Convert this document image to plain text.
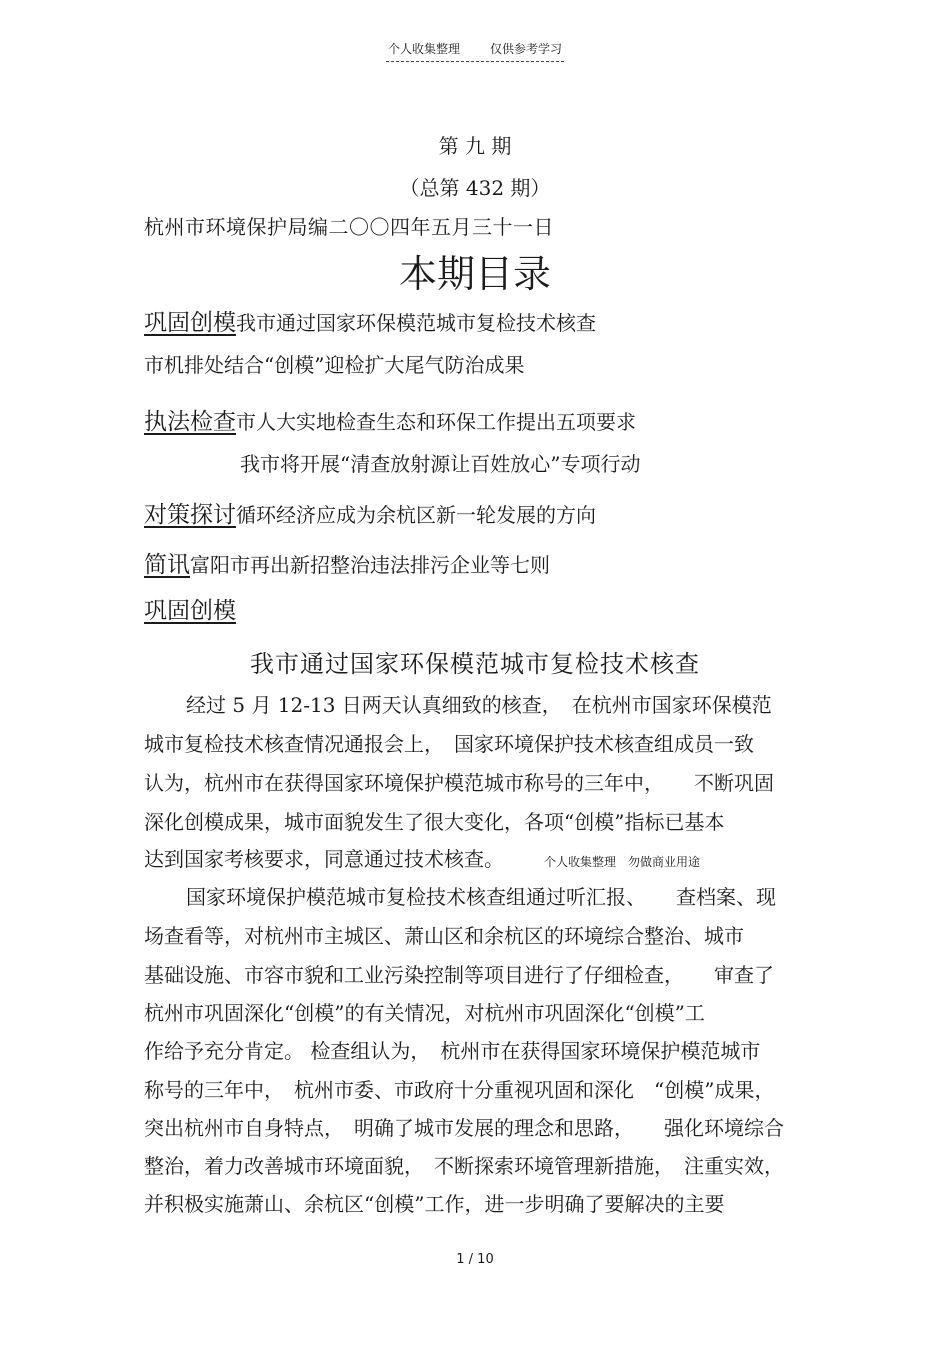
个人收集整理	仅供参考学习
第 九 期
（总第 432 期）
杭州市环境保护局编二〇〇四年五月三十一日
本期目录
巩固创模我市通过国家环保模范城市复检技术核查
市机排处结合“创模”迎检扩大尾气防治成果
执法检查市人大实地检查生态和环保工作提出五项要求
我市将开展“清查放射源让百姓放心”专项行动
对策探讨循环经济应成为余杭区新一轮发展的方向
简讯富阳市再出新招整治违法排污企业等七则
巩固创模
我市通过国家环保模范城市复检技术核查
经过 5 月 12-13 日两天认真细致的核查，　在杭州市国家环保模范
城市复检技术核查情况通报会上，　国家环境保护技术核查组成员一致
认为，杭州市在获得国家环境保护模范城市称号的三年中，　　不断巩固
深化创模成果，城市面貌发生了很大变化，各项“创模”指标已基本
达到国家考核要求，同意通过技术核查。	个人收集整理　勿做商业用途
国家环境保护模范城市复检技术核查组通过听汇报、　　查档案、现
场查看等，对杭州市主城区、萧山区和余杭区的环境综合整治、城市
基础设施、市容市貌和工业污染控制等项目进行了仔细检查，　　审查了
杭州市巩固深化“创模”的有关情况，对杭州市巩固深化“创模”工
作给予充分肯定。 检查组认为，　杭州市在获得国家环境保护模范城市
称号的三年中，　杭州市委、市政府十分重视巩固和深化　“创模”成果，
突出杭州市自身特点，　明确了城市发展的理念和思路，　　强化环境综合
整治，着力改善城市环境面貌，　不断探索环境管理新措施，　注重实效，
并积极实施萧山、余杭区“创模”工作，进一步明确了要解决的主要
1 / 10
